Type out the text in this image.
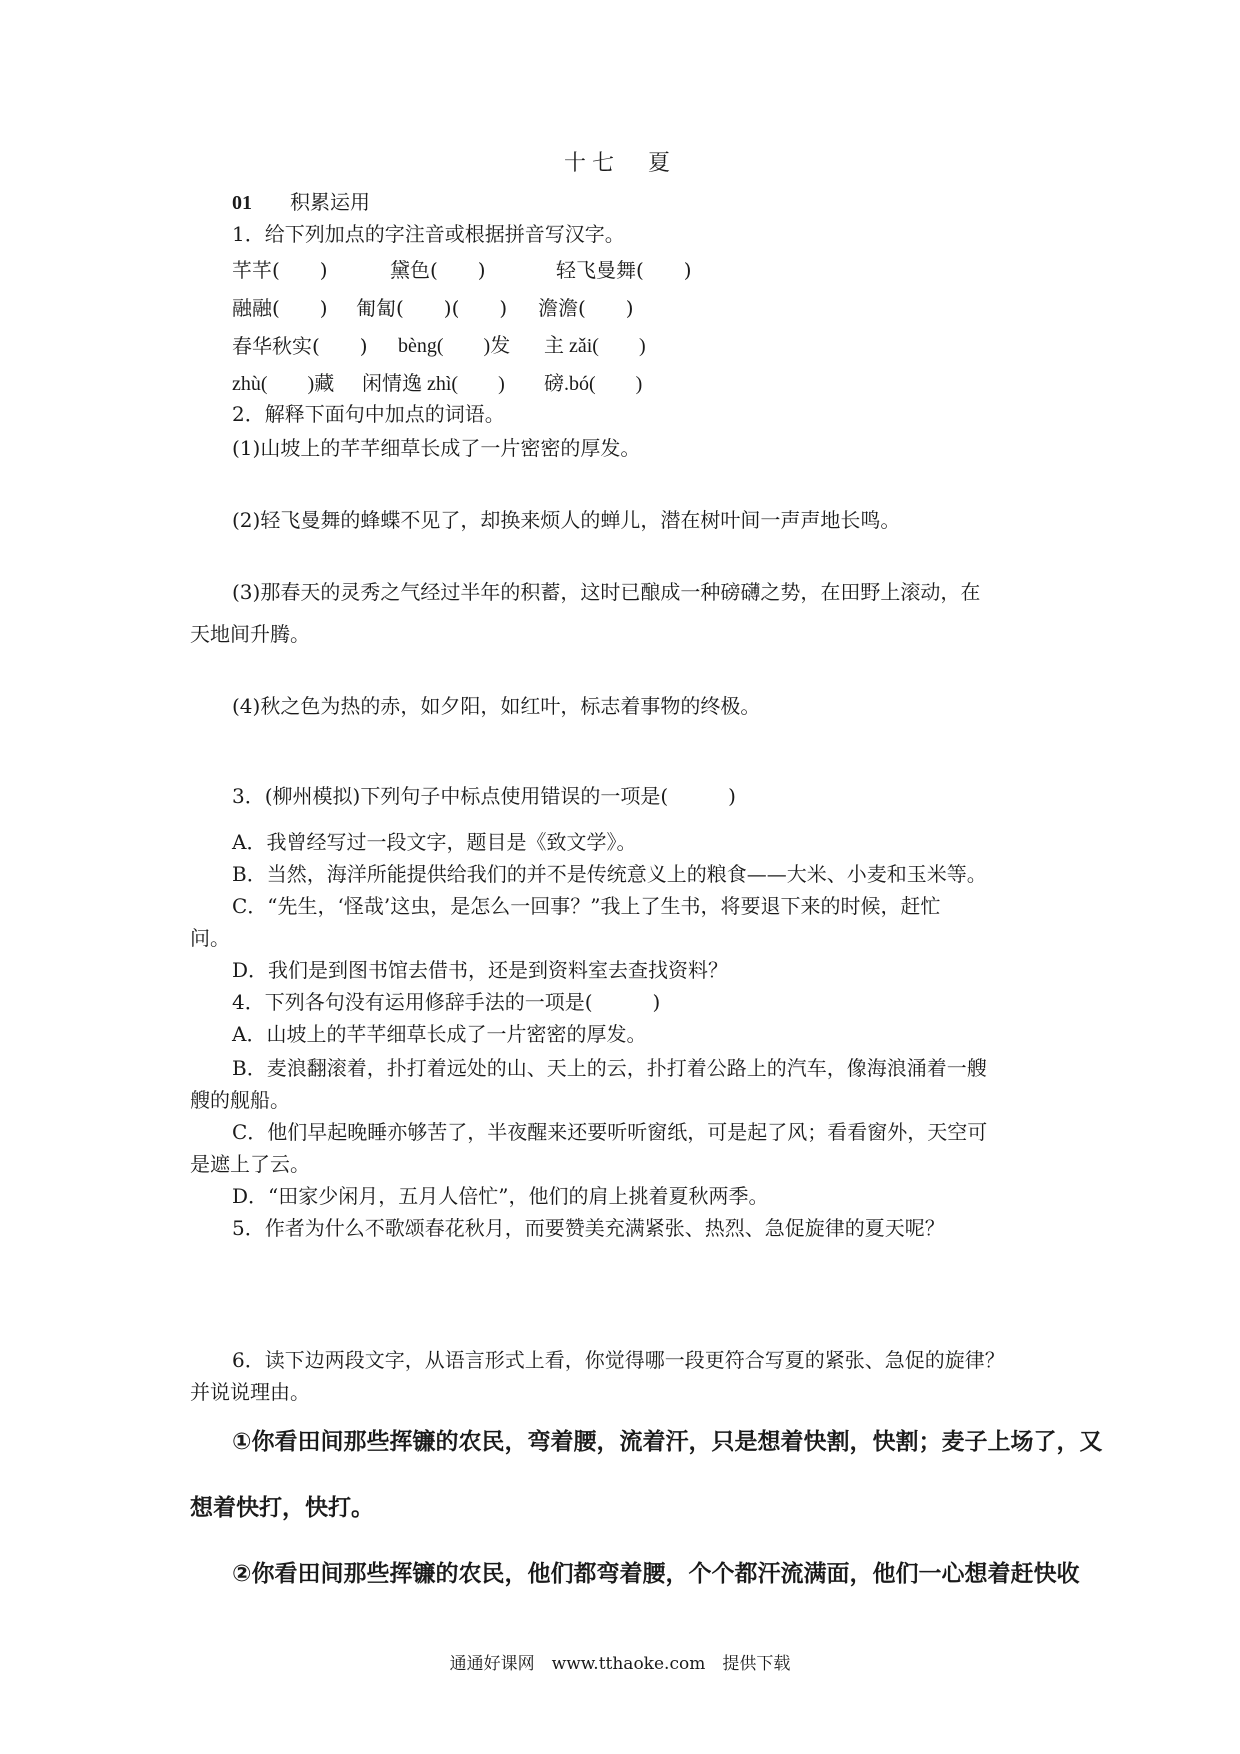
十七　夏
01 积累运用
1．给下列加点的字注音或根据拼音写汉字。
芊芊(　　)	黛色(　　)	轻飞曼舞(　　)
融融(　　) 匍匐(　　)(　　) 澹澹(　　)
春华秋实(　　) bèng(　　)发 主 zǎi(　　)
zhù(　　)藏 闲情逸 zhì(　　) 磅.bó(　　)
2．解释下面句中加点的词语。
(1)山坡上的芊芊细草长成了一片密密的厚发。
(2)轻飞曼舞的蜂蝶不见了，却换来烦人的蝉儿，潜在树叶间一声声地长鸣。
(3)那春天的灵秀之气经过半年的积蓄，这时已酿成一种磅礴之势，在田野上滚动，在
天地间升腾。
(4)秋之色为热的赤，如夕阳，如红叶，标志着事物的终极。
3．(柳州模拟)下列句子中标点使用错误的一项是(　　　)
A．我曾经写过一段文字，题目是《致文学》。
B．当然，海洋所能提供给我们的并不是传统意义上的粮食——大米、小麦和玉米等。
C．“先生，‘怪哉’这虫，是怎么一回事？”我上了生书，将要退下来的时候，赶忙
问。
D．我们是到图书馆去借书，还是到资料室去查找资料？
4．下列各句没有运用修辞手法的一项是(　　　)
A．山坡上的芊芊细草长成了一片密密的厚发。
B．麦浪翻滚着，扑打着远处的山、天上的云，扑打着公路上的汽车，像海浪涌着一艘
艘的舰船。
C．他们早起晚睡亦够苦了，半夜醒来还要听听窗纸，可是起了风；看看窗外，天空可
是遮上了云。
D．“田家少闲月，五月人倍忙”，他们的肩上挑着夏秋两季。
5．作者为什么不歌颂春花秋月，而要赞美充满紧张、热烈、急促旋律的夏天呢？
6．读下边两段文字，从语言形式上看，你觉得哪一段更符合写夏的紧张、急促的旋律？
并说说理由。
①你看田间那些挥镰的农民，弯着腰，流着汗，只是想着快割，快割；麦子上场了，又
想着快打，快打。
②你看田间那些挥镰的农民，他们都弯着腰，个个都汗流满面，他们一心想着赶快收
通通好课网　www.tthaoke.com　提供下载
